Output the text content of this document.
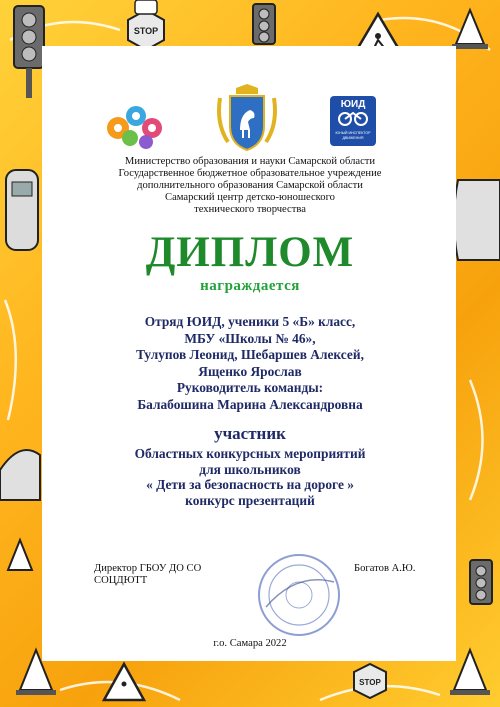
STOP
STOP
ЮИД
ЮНЫЙ ИНСПЕКТОР ДВИЖЕНИЯ
Министерство образования и науки Самарской области
Государственное бюджетное образовательное учреждение
дополнительного образования Самарской области
Самарский центр детско-юношеского
технического творчества
ДИПЛОМ
награждается
Отряд ЮИД, ученики 5 «Б» класс,
МБУ «Школы № 46»,
Тулупов Леонид, Шебаршев Алексей,
Ященко Ярослав
Руководитель команды:
Балабошина Марина Александровна
участник
Областных конкурсных мероприятий
для школьников
« Дети за безопасность на дороге »
конкурс презентаций
Директор ГБОУ ДО СО
СОЦДЮТТ
Богатов А.Ю.
г.о. Самара 2022
